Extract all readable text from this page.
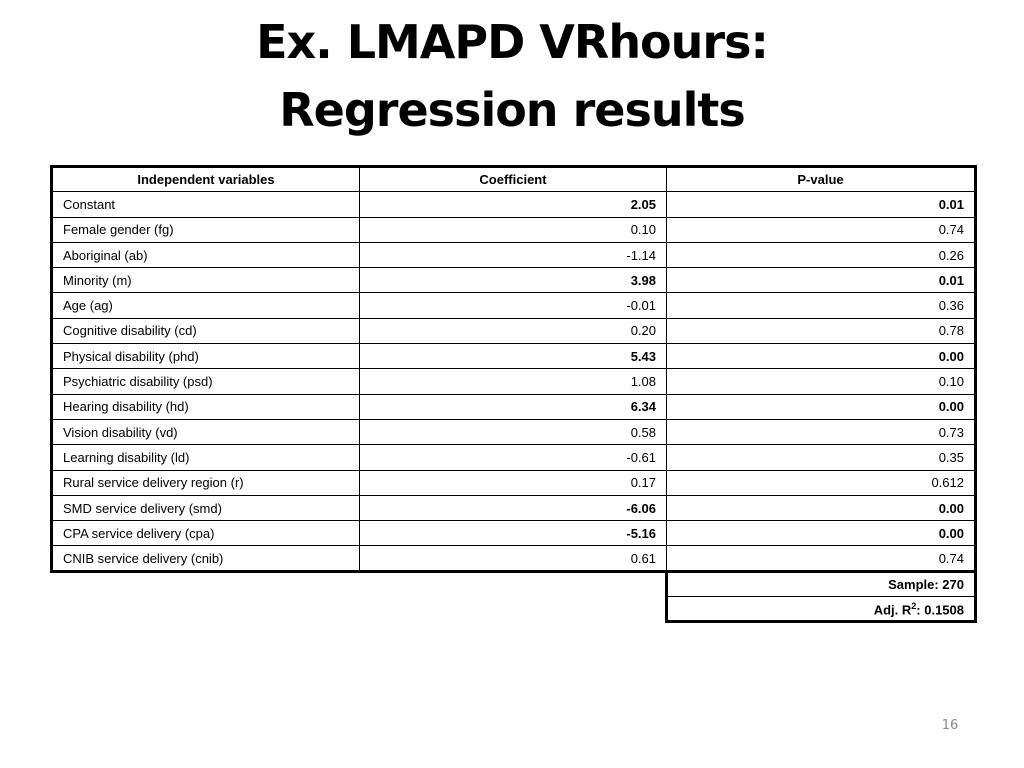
Ex. LMAPD VRhours:
Regression results
Independent variables	Coefficient	P-value
Constant	2.05	0.01
Female gender (fg)	0.10	0.74
Aboriginal (ab)	-1.14	0.26
Minority (m)	3.98	0.01
Age (ag)	-0.01	0.36
Cognitive disability (cd)	0.20	0.78
Physical disability (phd)	5.43	0.00
Psychiatric disability (psd)	1.08	0.10
Hearing disability (hd)	6.34	0.00
Vision disability (vd)	0.58	0.73
Learning disability (ld)	-0.61	0.35
Rural service delivery region (r)	0.17	0.612
SMD service delivery (smd)	-6.06	0.00
CPA service delivery (cpa)	-5.16	0.00
CNIB service delivery (cnib)	0.61	0.74
		Sample: 270
		Adj. $R^2$: 0.1508
16
